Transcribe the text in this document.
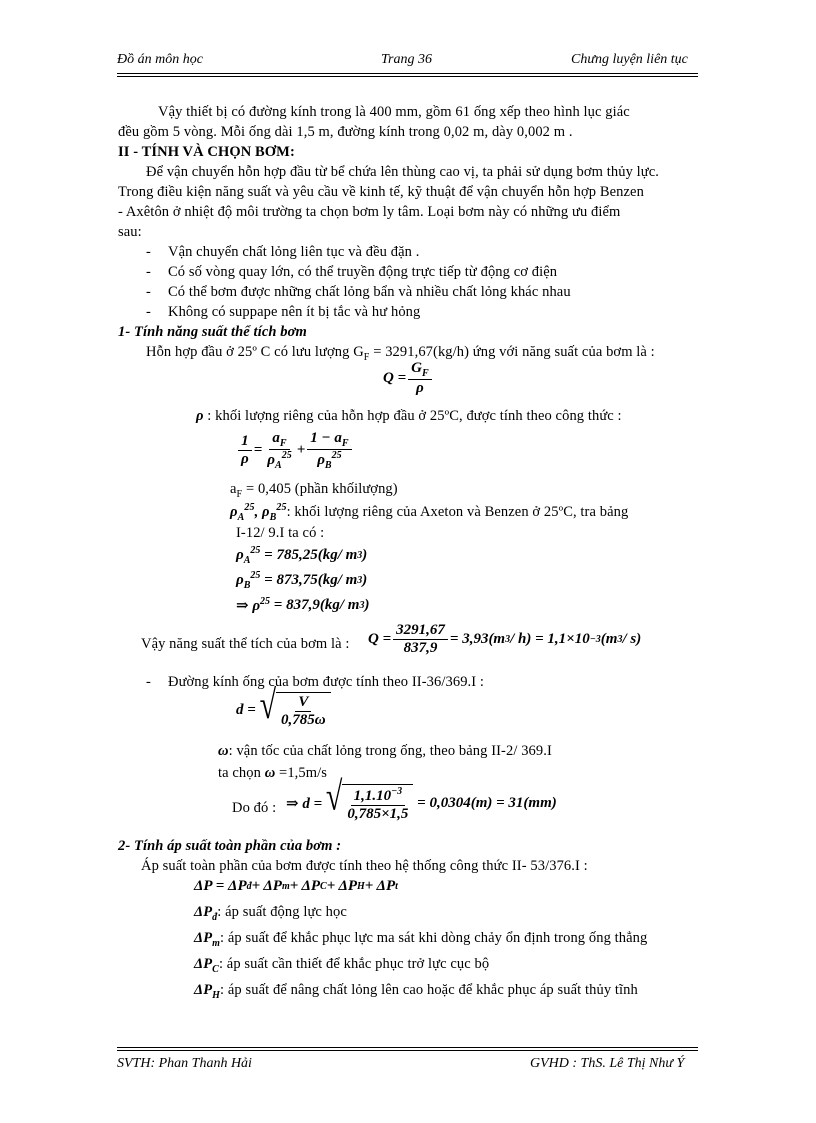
Đồ án môn học	Trang 36	Chưng luyện liên tục
Vậy thiết bị có đường kính trong là 400 mm, gồm 61 ống xếp theo hình lục giác
đều gồm 5 vòng. Mỗi ống dài 1,5 m, đường kính trong 0,02 m, dày 0,002 m .
II - TÍNH VÀ CHỌN BƠM:
Để vận chuyển hỗn hợp đầu từ bể chứa lên thùng cao vị, ta phải sử dụng bơm thủy lực.
Trong điều kiện năng suất và yêu cầu về kinh tế, kỹ thuật để vận chuyển hỗn hợp Benzen
- Axêtôn ở nhiệt độ môi trường ta chọn bơm ly tâm. Loại bơm này có những ưu điểm
sau:
- Vận chuyển chất lỏng liên tục và đều đặn .
- Có số vòng quay lớn, có thể truyền động trực tiếp từ động cơ điện
- Có thể bơm được những chất lỏng bẩn và nhiều chất lỏng khác nhau
- Không có suppape nên ít bị tắc và hư hỏng
1- Tính năng suất thể tích bơm
Hỗn hợp đầu ở 25º C có lưu lượng $G_F = 3291,67(kg/h)$ ứng với năng suất của bơm là :
$Q = \frac{G_F}{\rho}$
ρ : khối lượng riêng của hỗn hợp đầu ở 25ºC, được tính theo công thức :
$\frac{1}{\rho} = \frac{a_F}{\rho_A^{25}} + \frac{1 - a_F}{\rho_B^{25}}$
$a_F = 0,405$ (phần khốilượng)
$\rho_A^{25}$, $\rho_B^{25}$: khối lượng riêng của Axeton và Benzen ở 25ºC, tra bảng
I-12/ 9.I ta có :
$\rho_A^{25} = 785,25(kg/$ m 3 )
$\rho_B^{25} = 873,75(kg/$ m 3 )
⇒ $\rho^{25} = 837,9(kg/$ m 3 )
Vậy năng suất thể tích của bơm là : $Q = \frac{3291,67}{837,9} = 3,93(m$ 3 / h) = 1,1×10 −3 (m 3 / s)
- Đường kính ống của bơm được tính theo II-36/369.I :
d = √ $\frac{V}{0,785\omega}$
ω: vận tốc của chất lỏng trong ống, theo bảng II-2/ 369.I
ta chọn ω =1,5m/s
Do đó : ⇒ d = √ $\frac{1,1.10^{-3}}{0,785\times 1,5}$
= 0,0304(m) = 31(mm)
2- Tính áp suất toàn phần của bơm :
Áp suất toàn phần của bơm được tính theo hệ thống công thức II- 53/376.I :
ΔP = ΔP đ + ΔP m + ΔP C + ΔP H + ΔP t
$\Delta P_đ$: áp suất động lực học
$\Delta P_m$: áp suất để khắc phục lực ma sát khi dòng chảy ổn định trong ống thẳng
$\Delta P_C$: áp suất cần thiết để khắc phục trở lực cục bộ
$\Delta P_H$: áp suất để nâng chất lỏng lên cao hoặc để khắc phục áp suất thủy tĩnh
SVTH: Phan Thanh Hải	GVHD : ThS. Lê Thị Như Ý
